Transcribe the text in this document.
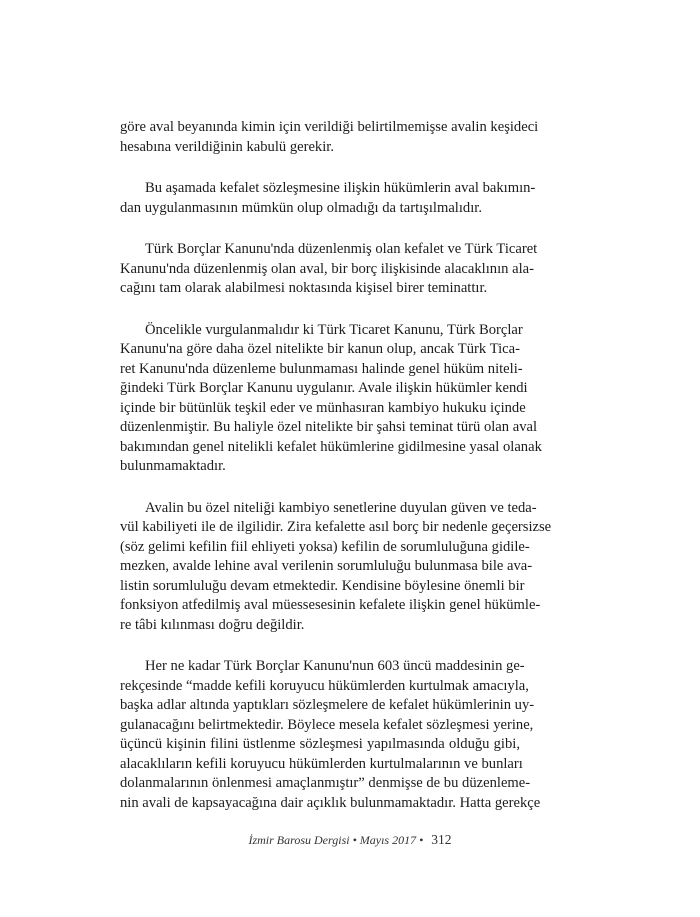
göre aval beyanında kimin için verildiği belirtilmemişse avalin keşideci
hesabına verildiğinin kabulü gerekir.

Bu aşamada kefalet sözleşmesine ilişkin hükümlerin aval bakımın-
dan uygulanmasının mümkün olup olmadığı da tartışılmalıdır.

Türk Borçlar Kanunu'nda düzenlenmiş olan kefalet ve Türk Ticaret
Kanunu'nda düzenlenmiş olan aval, bir borç ilişkisinde alacaklının ala-
cağını tam olarak alabilmesi noktasında kişisel birer teminattır.

Öncelikle vurgulanmalıdır ki Türk Ticaret Kanunu, Türk Borçlar
Kanunu'na göre daha özel nitelikte bir kanun olup, ancak Türk Tica-
ret Kanunu'nda düzenleme bulunmaması halinde genel hüküm niteli-
ğindeki Türk Borçlar Kanunu uygulanır. Avale ilişkin hükümler kendi
içinde bir bütünlük teşkil eder ve münhasıran kambiyo hukuku içinde
düzenlenmiştir. Bu haliyle özel nitelikte bir şahsi teminat türü olan aval
bakımından genel nitelikli kefalet hükümlerine gidilmesine yasal olanak
bulunmamaktadır.

Avalin bu özel niteliği kambiyo senetlerine duyulan güven ve teda-
vül kabiliyeti ile de ilgilidir. Zira kefalette asıl borç bir nedenle geçersizse
(söz gelimi kefilin fiil ehliyeti yoksa) kefilin de sorumluluğuna gidile-
mezken, avalde lehine aval verilenin sorumluluğu bulunmasa bile ava-
listin sorumluluğu devam etmektedir. Kendisine böylesine önemli bir
fonksiyon atfedilmiş aval müessesesinin kefalete ilişkin genel hükümle-
re tâbi kılınması doğru değildir.

Her ne kadar Türk Borçlar Kanunu'nun 603 üncü maddesinin ge-
rekçesinde “madde kefili koruyucu hükümlerden kurtulmak amacıyla,
başka adlar altında yaptıkları sözleşmelere de kefalet hükümlerinin uy-
gulanacağını belirtmektedir. Böylece mesela kefalet sözleşmesi yerine,
üçüncü kişinin filini üstlenme sözleşmesi yapılmasında olduğu gibi,
alacaklıların kefili koruyucu hükümlerden kurtulmalarının ve bunları
dolanmalarının önlenmesi amaçlanmıştır” denmişse de bu düzenleme-
nin avali de kapsayacağına dair açıklık bulunmamaktadır. Hatta gerekçe

İzmir Barosu Dergisi • Mayıs 2017 • 312
